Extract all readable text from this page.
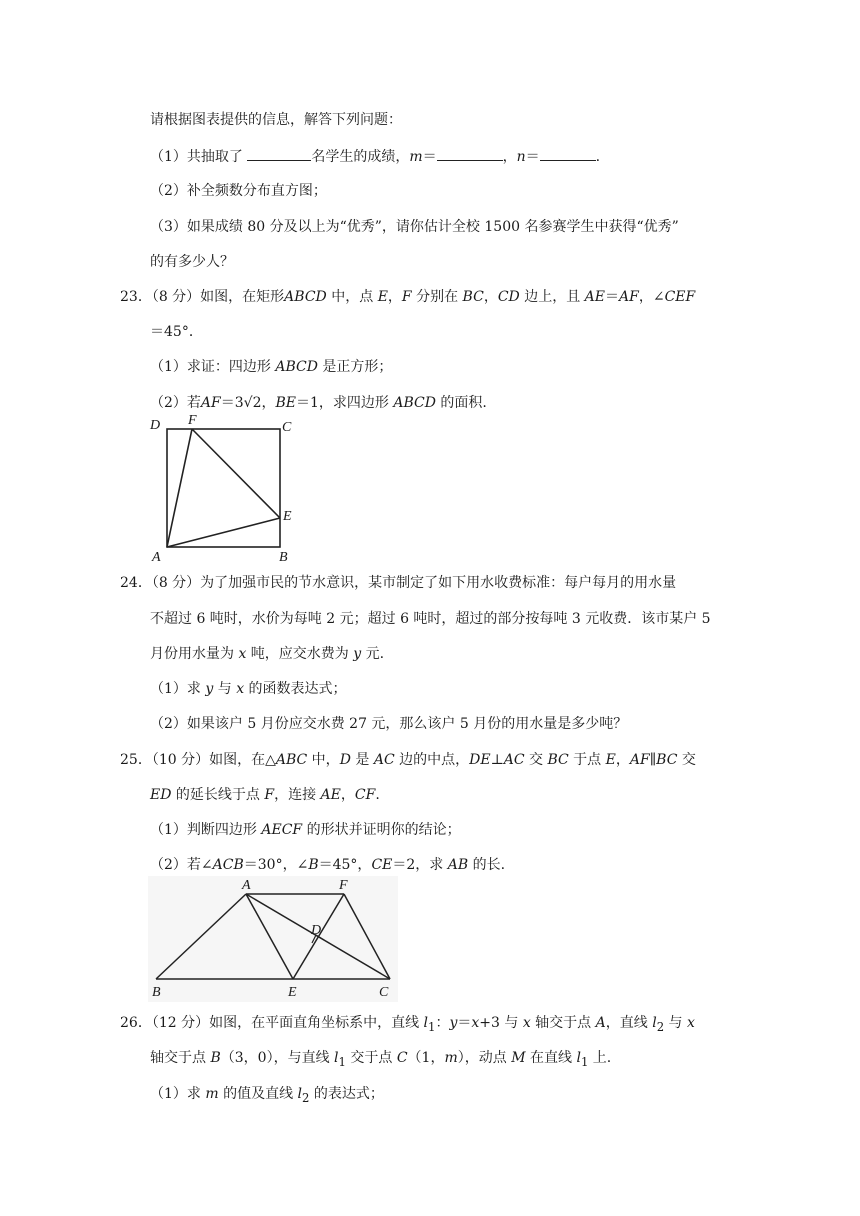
请根据图表提供的信息，解答下列问题：
（1）共抽取了	名学生的成绩，m＝	，n＝	.
（2）补全频数分布直方图；
（3）如果成绩 80 分及以上为“优秀”，请你估计全校 1500 名参赛学生中获得“优秀”
的有多少人？
23．（8 分）如图，在矩形ABCD 中，点 E，F 分别在 BC，CD 边上，且 AE＝AF，∠CEF
＝45°．
（1）求证：四边形 ABCD 是正方形；
（2）若AF＝3√2，BE＝1，求四边形 ABCD 的面积.
D F	C
E
A	B
24．（8 分）为了加强市民的节水意识，某市制定了如下用水收费标准：每户每月的用水量
不超过 6 吨时，水价为每吨 2 元；超过 6 吨时，超过的部分按每吨 3 元收费．该市某户 5
月份用水量为 x 吨，应交水费为 y 元.
（1）求 y 与 x 的函数表达式；
（2）如果该户 5 月份应交水费 27 元，那么该户 5 月份的用水量是多少吨？
25．（10 分）如图，在△ABC 中，D 是 AC 边的中点，DE⊥AC 交 BC 于点 E，AF∥BC 交
ED 的延长线于点 F，连接 AE，CF.
（1）判断四边形 AECF 的形状并证明你的结论；
（2）若∠ACB＝30°，∠B＝45°，CE＝2，求 AB 的长.
A	F
D
B	E	C
26．（12 分）如图，在平面直角坐标系中，直线 $l_1$：y＝x+3 与 x 轴交于点 A，直线 $l_2$ 与 x
轴交于点 B（3，0），与直线 $l_1$ 交于点 C（1，m），动点 M 在直线 $l_1$ 上.
（1）求 m 的值及直线 $l_2$ 的表达式；
